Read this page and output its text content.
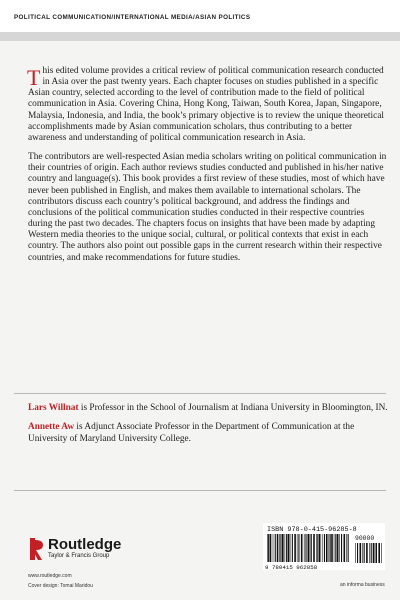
POLITICAL COMMUNICATION/INTERNATIONAL MEDIA/ASIAN POLITICS

This edited volume provides a critical review of political communication research conducted in Asia over the past twenty years. Each chapter focuses on studies published in a specific Asian country, selected according to the level of contribution made to the field of political communication in Asia. Covering China, Hong Kong, Taiwan, South Korea, Japan, Singapore, Malaysia, Indonesia, and India, the book’s primary objective is to review the unique theoretical accomplishments made by Asian communication scholars, thus contributing to a better awareness and understanding of political communication research in Asia.

The contributors are well-respected Asian media scholars writing on political communication in their countries of origin. Each author reviews studies conducted and published in his/her native country and language(s). This book provides a first review of these studies, most of which have never been published in English, and makes them available to international scholars. The contributors discuss each country’s political background, and address the findings and conclusions of the political communication studies conducted in their respective countries during the past two decades. The chapters focus on insights that have been made by adapting Western media theories to the unique social, cultural, or political contexts that exist in each country. The authors also point out possible gaps in the current research within their respective countries, and make recommendations for future studies.

Lars Willnat is Professor in the School of Journalism at Indiana University in Bloomington, IN.

Annette Aw is Adjunct Associate Professor in the Department of Communication at the University of Maryland University College.

Routledge
Taylor & Francis Group
www.routledge.com
Cover design: Tomai Maridou
ISBN 978-0-415-96285-8
90000
9 780415 962858
an informa business
